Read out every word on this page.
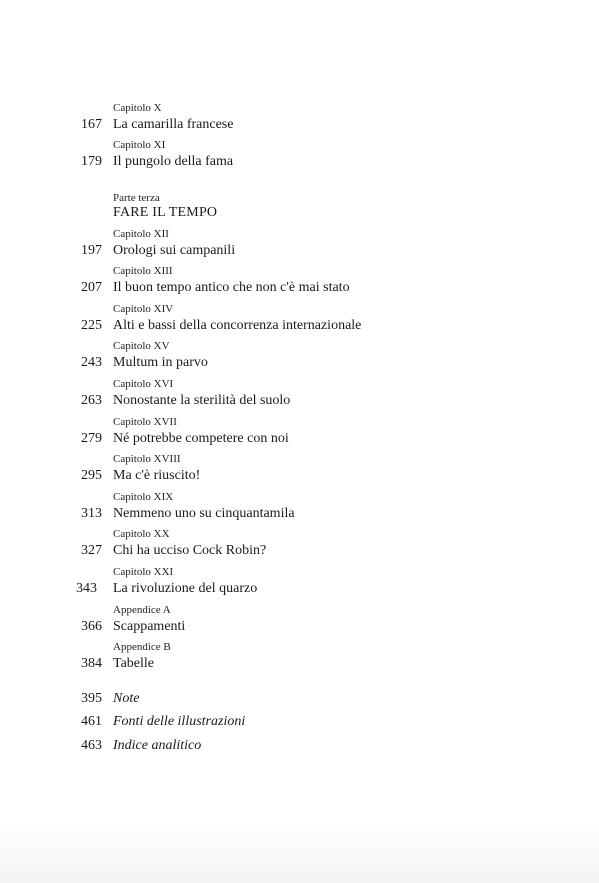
Capitolo X
167 La camarilla francese
Capitolo XI
179 Il pungolo della fama
Parte terza
FARE IL TEMPO
Capitolo XII
197 Orologi sui campanili
Capitolo XIII
207 Il buon tempo antico che non c'è mai stato
Capitolo XIV
225 Alti e bassi della concorrenza internazionale
Capitolo XV
243 Multum in parvo
Capitolo XVI
263 Nonostante la sterilità del suolo
Capitolo XVII
279 Né potrebbe competere con noi
Capitolo XVIII
295 Ma c'è riuscito!
Capitolo XIX
313 Nemmeno uno su cinquantamila
Capitolo XX
327 Chi ha ucciso Cock Robin?
Capitolo XXI
343 La rivoluzione del quarzo
Appendice A
366 Scappamenti
Appendice B
384 Tabelle
395 Note
461 Fonti delle illustrazioni
463 Indice analitico
